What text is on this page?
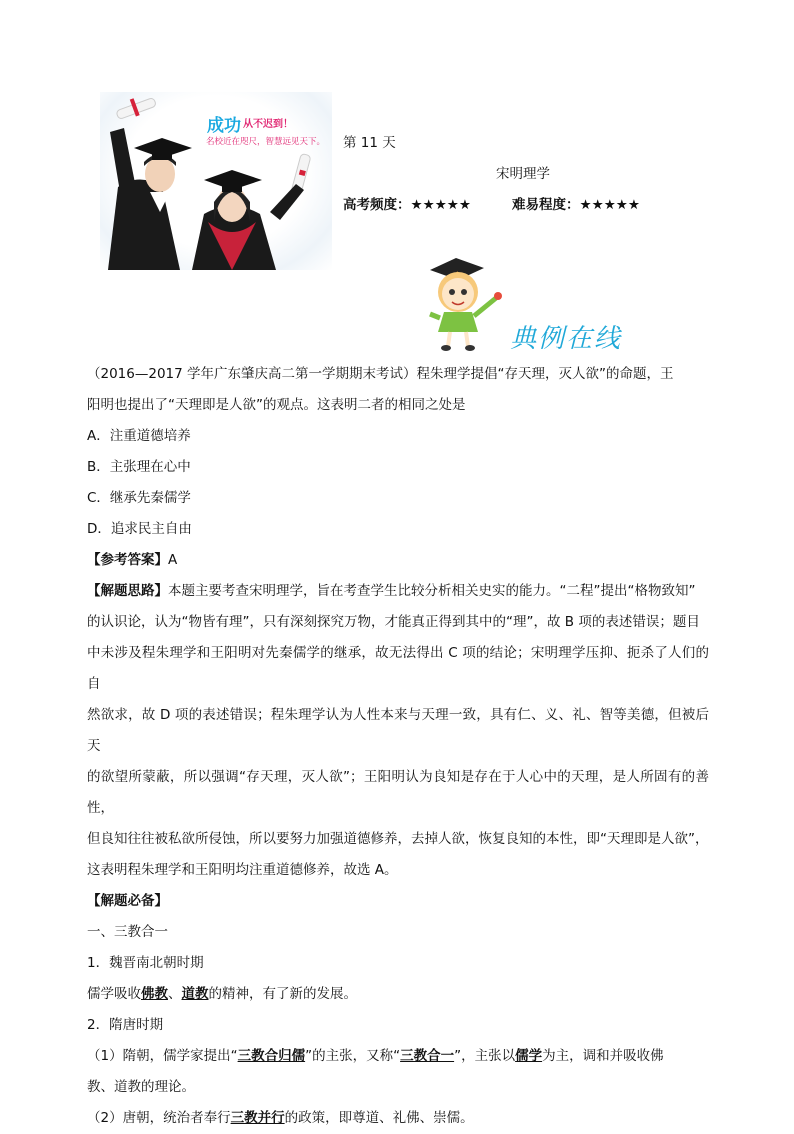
成功 从不迟到！
名校近在咫尺，智慧远见天下。 第 11 天
宋明理学
高考频度：★★★★★	难易程度：★★★★★
典例在线
（2016—2017 学年广东肇庆高二第一学期期末考试）程朱理学提倡“存天理，灭人欲”的命题，王
阳明也提出了“天理即是人欲”的观点。这表明二者的相同之处是
A．注重道德培养
B．主张理在心中
C．继承先秦儒学
D．追求民主自由
【参考答案】A
【解题思路】本题主要考查宋明理学，旨在考查学生比较分析相关史实的能力。“二程”提出“格物致知”
的认识论，认为“物皆有理”，只有深刻探究万物，才能真正得到其中的“理”，故 B 项的表述错误；题目
中未涉及程朱理学和王阳明对先秦儒学的继承，故无法得出 C 项的结论；宋明理学压抑、扼杀了人们的自
然欲求，故 D 项的表述错误；程朱理学认为人性本来与天理一致，具有仁、义、礼、智等美德，但被后天
的欲望所蒙蔽，所以强调“存天理，灭人欲”；王阳明认为良知是存在于人心中的天理，是人所固有的善性，
但良知往往被私欲所侵蚀，所以要努力加强道德修养，去掉人欲，恢复良知的本性，即“天理即是人欲”，
这表明程朱理学和王阳明均注重道德修养，故选 A。
【解题必备】
一、三教合一
1．魏晋南北朝时期
儒学吸收佛教、道教的精神，有了新的发展。
2．隋唐时期
（1）隋朝，儒学家提出“三教合归儒”的主张，又称“三教合一”，主张以儒学为主，调和并吸收佛
教、道教的理论。
（2）唐朝，统治者奉行三教并行的政策，即尊道、礼佛、崇儒。
